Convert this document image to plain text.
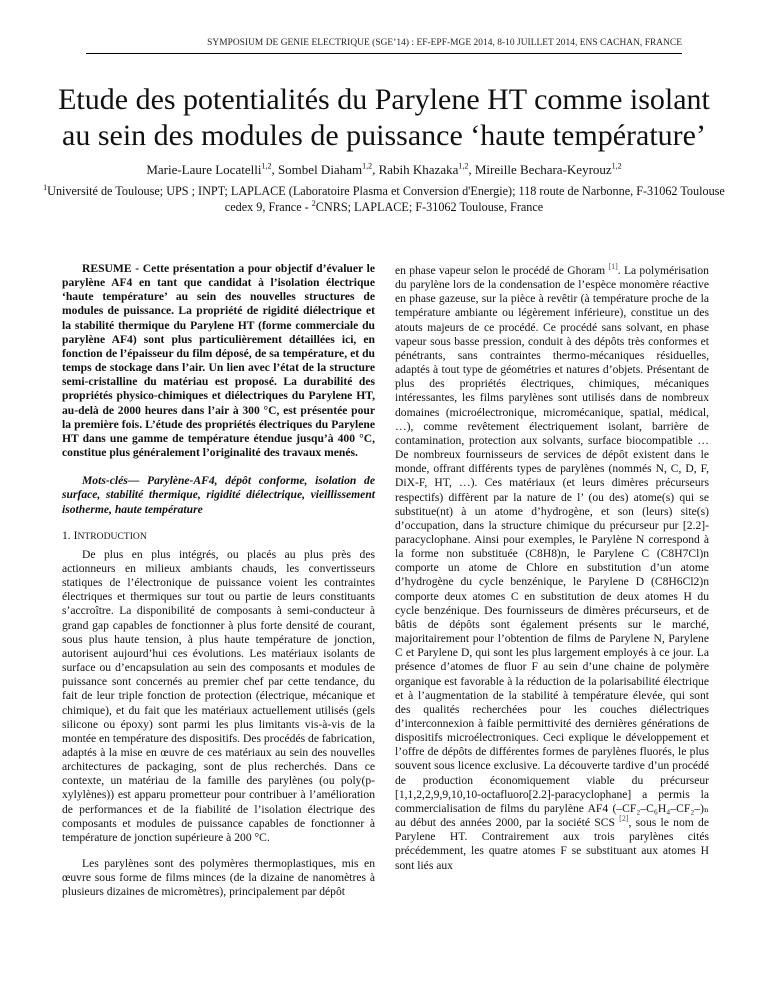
SYMPOSIUM DE GENIE ELECTRIQUE (SGE’14) : EF-EPF-MGE 2014, 8-10 JUILLET 2014, ENS CACHAN, FRANCE
Etude des potentialités du Parylene HT comme isolant
au sein des modules de puissance ‘haute température’
Marie-Laure Locatelli$^{1,2}$, Sombel Diaham$^{1,2}$, Rabih Khazaka$^{1,2}$, Mireille Bechara-Keyrouz$^{1,2}$
$^1$Université de Toulouse; UPS ; INPT; LAPLACE (Laboratoire Plasma et Conversion d'Energie); 118 route de Narbonne, F-31062 Toulouse cedex 9, France - $^2$CNRS; LAPLACE; F-31062 Toulouse, France

RESUME - Cette présentation a pour objectif d’évaluer le parylène AF4 en tant que candidat à l’isolation électrique ‘haute température’ au sein des nouvelles structures de modules de puissance. La propriété de rigidité diélectrique et la stabilité thermique du Parylene HT (forme commerciale du parylène AF4) sont plus particulièrement détaillées ici, en fonction de l’épaisseur du film déposé, de sa température, et du temps de stockage dans l’air. Un lien avec l’état de la structure semi-cristalline du matériau est proposé. La durabilité des propriétés physico-chimiques et diélectriques du Parylene HT, au-delà de 2000 heures dans l’air à 300 °C, est présentée pour la première fois. L’étude des propriétés électriques du Parylene HT dans une gamme de température étendue jusqu’à 400 °C, constitue plus généralement l’originalité des travaux menés.

Mots-clés— Parylène-AF4, dépôt conforme, isolation de surface, stabilité thermique, rigidité diélectrique, vieillissement isotherme, haute température

1. INTRODUCTION

De plus en plus intégrés, ou placés au plus près des actionneurs en milieux ambiants chauds, les convertisseurs statiques de l’électronique de puissance voient les contraintes électriques et thermiques sur tout ou partie de leurs constituants s’accroître. La disponibilité de composants à semi-conducteur à grand gap capables de fonctionner à plus forte densité de courant, sous plus haute tension, à plus haute température de jonction, autorisent aujourd’hui ces évolutions. Les matériaux isolants de surface ou d’encapsulation au sein des composants et modules de puissance sont concernés au premier chef par cette tendance, du fait de leur triple fonction de protection (électrique, mécanique et chimique), et du fait que les matériaux actuellement utilisés (gels silicone ou époxy) sont parmi les plus limitants vis-à-vis de la montée en température des dispositifs. Des procédés de fabrication, adaptés à la mise en œuvre de ces matériaux au sein des nouvelles architectures de packaging, sont de plus recherchés. Dans ce contexte, un matériau de la famille des parylènes (ou poly(p-xylylènes)) est apparu prometteur pour contribuer à l’amélioration de performances et de la fiabilité de l’isolation électrique des composants et modules de puissance capables de fonctionner à température de jonction supérieure à 200 °C.

Les parylènes sont des polymères thermoplastiques, mis en œuvre sous forme de films minces (de la dizaine de nanomètres à plusieurs dizaines de micromètres), principalement par dépôt

en phase vapeur selon le procédé de Ghoram [1]. La polymérisation du parylène lors de la condensation de l’espèce monomère réactive en phase gazeuse, sur la pièce à revêtir (à température proche de la température ambiante ou légèrement inférieure), constitue un des atouts majeurs de ce procédé. Ce procédé sans solvant, en phase vapeur sous basse pression, conduit à des dépôts très conformes et pénétrants, sans contraintes thermo-mécaniques résiduelles, adaptés à tout type de géométries et natures d’objets. Présentant de plus des propriétés électriques, chimiques, mécaniques intéressantes, les films parylènes sont utilisés dans de nombreux domaines (microélectronique, micromécanique, spatial, médical, …), comme revêtement électriquement isolant, barrière de contamination, protection aux solvants, surface biocompatible … De nombreux fournisseurs de services de dépôt existent dans le monde, offrant différents types de parylènes (nommés N, C, D, F, DiX-F, HT, …). Ces matériaux (et leurs dimères précurseurs respectifs) diffèrent par la nature de l’ (ou des) atome(s) qui se substitue(nt) à un atome d’hydrogène, et son (leurs) site(s) d’occupation, dans la structure chimique du précurseur pur [2.2]-paracyclophane. Ainsi pour exemples, le Parylène N correspond à la forme non substituée (C8H8)n, le Parylene C (C8H7Cl)n comporte un atome de Chlore en substitution d’un atome d’hydrogène du cycle benzénique, le Parylene D (C8H6Cl2)n comporte deux atomes C en substitution de deux atomes H du cycle benzénique. Des fournisseurs de dimères précurseurs, et de bâtis de dépôts sont également présents sur le marché, majoritairement pour l’obtention de films de Parylene N, Parylene C et Parylene D, qui sont les plus largement employés à ce jour. La présence d’atomes de fluor F au sein d’une chaine de polymère organique est favorable à la réduction de la polarisabilité électrique et à l’augmentation de la stabilité à température élevée, qui sont des qualités recherchées pour les couches diélectriques d’interconnexion à faible permittivité des dernières générations de dispositifs microélectroniques. Ceci explique le développement et l’offre de dépôts de différentes formes de parylènes fluorés, le plus souvent sous licence exclusive. La découverte tardive d’un procédé de production économiquement viable du précurseur [1,1,2,2,9,9,10,10-octafluoro[2.2]-paracyclophane] a permis la commercialisation de films du parylène AF4 (–CF₂–C₆H₄–CF₂–)ₙ au début des années 2000, par la société SCS [2], sous le nom de Parylene HT. Contrairement aux trois parylènes cités précédemment, les quatre atomes F se substituant aux atomes H sont liés aux
